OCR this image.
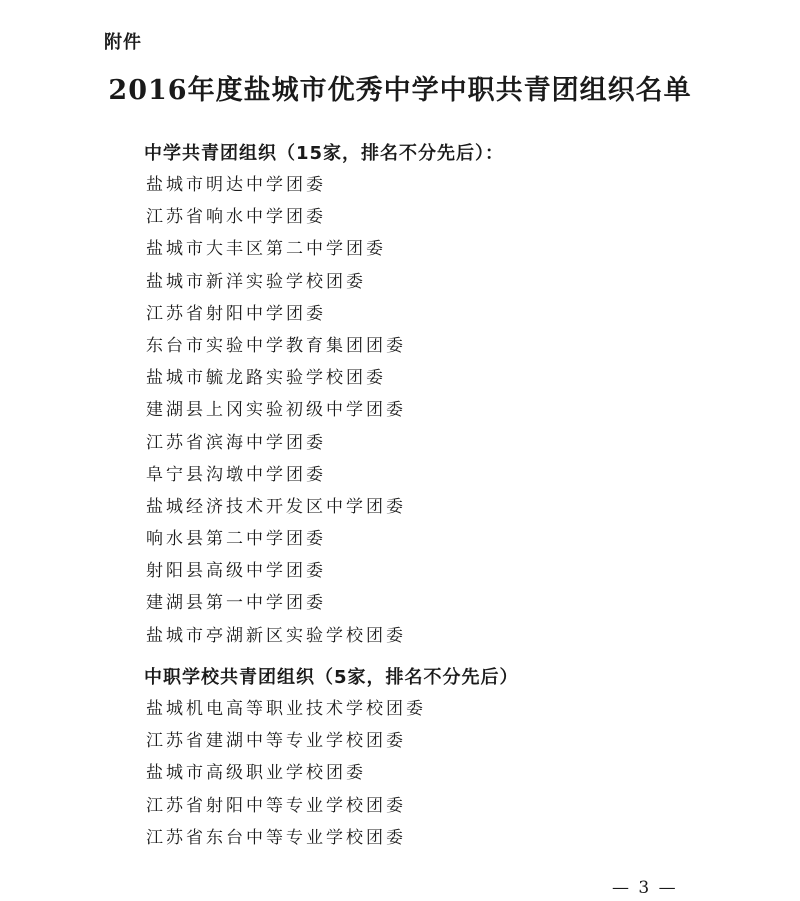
附件
2016年度盐城市优秀中学中职共青团组织名单
中学共青团组织（15家，排名不分先后）：
盐城市明达中学团委
江苏省响水中学团委
盐城市大丰区第二中学团委
盐城市新洋实验学校团委
江苏省射阳中学团委
东台市实验中学教育集团团委
盐城市毓龙路实验学校团委
建湖县上冈实验初级中学团委
江苏省滨海中学团委
阜宁县沟墩中学团委
盐城经济技术开发区中学团委
响水县第二中学团委
射阳县高级中学团委
建湖县第一中学团委
盐城市亭湖新区实验学校团委
中职学校共青团组织（5家，排名不分先后）
盐城机电高等职业技术学校团委
江苏省建湖中等专业学校团委
盐城市高级职业学校团委
江苏省射阳中等专业学校团委
江苏省东台中等专业学校团委
— 3 —
